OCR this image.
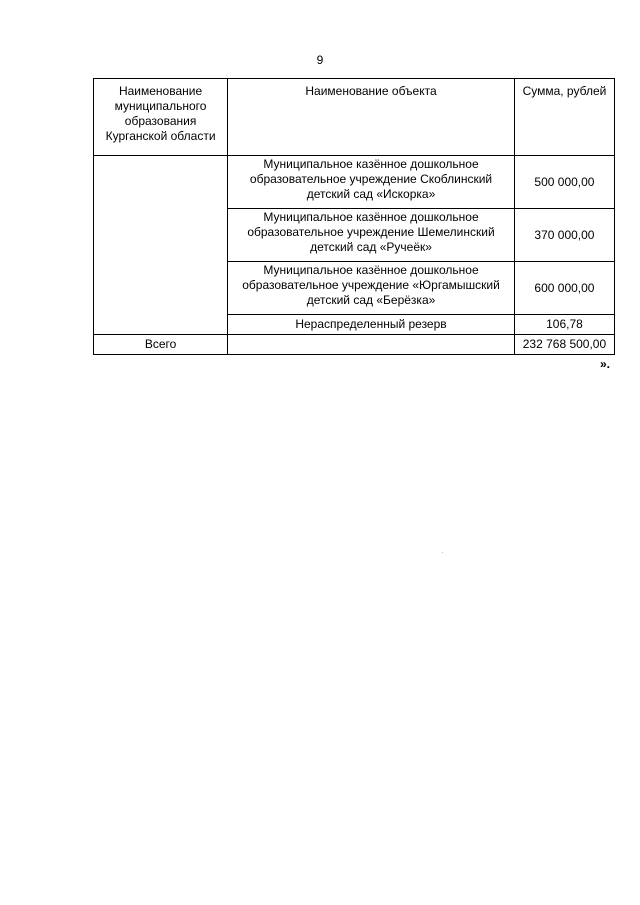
9
Наименование муниципального образования Курганской области	Наименование объекта	Сумма, рублей
	Муниципальное казённое дошкольное образовательное учреждение Скоблинский детский сад «Искорка»	500 000,00
	Муниципальное казённое дошкольное образовательное учреждение Шемелинский детский сад «Ручеёк»	370 000,00
	Муниципальное казённое дошкольное образовательное учреждение «Юргамышский детский сад «Берёзка»	600 000,00
	Нераспределенный резерв	106,78
Всего		232 768 500,00
».
